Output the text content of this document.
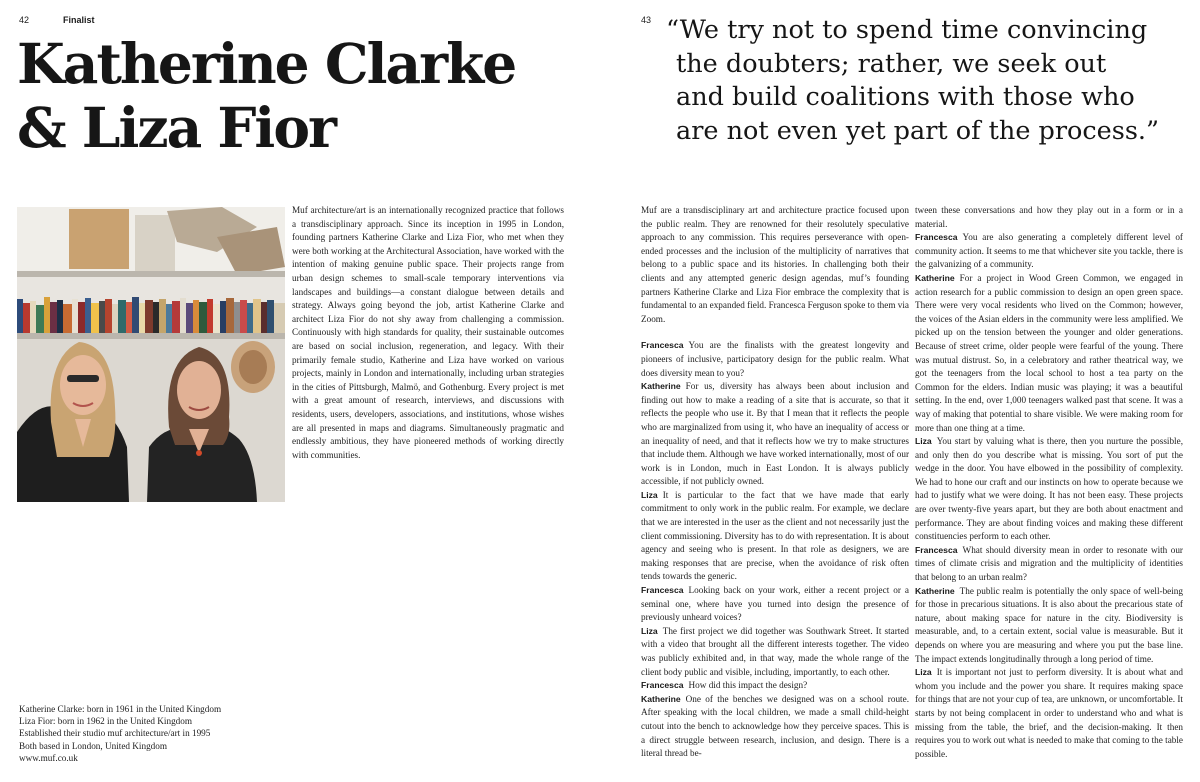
42	Finalist	43
Katherine Clarke
& Liza Fior
“We try not to spend time convincing
the doubters; rather, we seek out
and build coalitions with those who
are not even yet part of the process.”

Muf architecture/art is an internationally recognized practice that follows a transdisciplinary approach. Since its inception in 1995 in London, founding partners Katherine Clarke and Liza Fior, who met when they were both working at the Architectural Association, have worked with the intention of making genuine public space. Their projects range from urban design schemes to small-scale temporary interventions via landscapes and buildings—a constant dialogue between details and strategy. Always going beyond the job, artist Katherine Clarke and architect Liza Fior do not shy away from challenging a commission. Continuously with high standards for quality, their sustainable outcomes are based on social inclusion, regeneration, and legacy. With their primarily female studio, Katherine and Liza have worked on various projects, mainly in London and internationally, including urban strategies in the cities of Pittsburgh, Malmö, and Gothenburg. Every project is met with a great amount of research, interviews, and discussions with residents, users, developers, associations, and institutions, whose wishes are all presented in maps and diagrams. Simultaneously pragmatic and endlessly ambitious, they have pioneered methods of working directly with communities.

Katherine Clarke: born in 1961 in the United Kingdom
Liza Fior: born in 1962 in the United Kingdom
Established their studio muf architecture/art in 1995
Both based in London, United Kingdom
www.muf.co.uk

Muf are a transdisciplinary art and architecture practice focused upon the public realm. They are renowned for their resolutely speculative approach to any commission. This requires perseverance with open-ended processes and the inclusion of the multiplicity of narratives that belong to a public space and its histories. In challenging both their clients and any attempted generic design agendas, muf’s founding partners Katherine Clarke and Liza Fior embrace the complexity that is fundamental to an expanded field. Francesca Ferguson spoke to them via Zoom.

Francesca You are the finalists with the greatest longevity and pioneers of inclusive, participatory design for the public realm. What does diversity mean to you?

Katherine For us, diversity has always been about inclusion and finding out how to make a reading of a site that is accurate, so that it reflects the people who use it. By that I mean that it reflects the people who are marginalized from using it, who have an inequality of access or an inequality of need, and that it reflects how we try to make structures that include them. Although we have worked internationally, most of our work is in London, much in East London. It is always publicly accessible, if not publicly owned.

Liza It is particular to the fact that we have made that early commitment to only work in the public realm. For example, we declare that we are interested in the user as the client and not necessarily just the client commissioning. Diversity has to do with representation. It is about agency and seeing who is present. In that role as designers, we are making responses that are precise, when the avoidance of risk often tends towards the generic.

Francesca Looking back on your work, either a recent project or a seminal one, where have you turned into design the presence of previously unheard voices?

Liza The first project we did together was Southwark Street. It started with a video that brought all the different interests together. The video was publicly exhibited and, in that way, made the whole range of the client body public and visible, including, importantly, to each other.

Francesca How did this impact the design?

Katherine One of the benches we designed was on a school route. After speaking with the local children, we made a small child-height cutout into the bench to acknowledge how they perceive spaces. This is a direct struggle between research, inclusion, and design. There is a literal thread be-

tween these conversations and how they play out in a form or in a material.

Francesca You are also generating a completely different level of community action. It seems to me that whichever site you tackle, there is the galvanizing of a community.

Katherine For a project in Wood Green Common, we engaged in action research for a public commission to design an open green space. There were very vocal residents who lived on the Common; however, the voices of the Asian elders in the community were less amplified. We picked up on the tension between the younger and older generations. Because of street crime, older people were fearful of the young. There was mutual distrust. So, in a celebratory and rather theatrical way, we got the teenagers from the local school to host a tea party on the Common for the elders. Indian music was playing; it was a beautiful setting. In the end, over 1,000 teenagers walked past that scene. It was a way of making that potential to share visible. We were making room for more than one thing at a time.

Liza You start by valuing what is there, then you nurture the possible, and only then do you describe what is missing. You sort of put the wedge in the door. You have elbowed in the possibility of complexity. We had to hone our craft and our instincts on how to operate because we had to justify what we were doing. It has not been easy. These projects are over twenty-five years apart, but they are both about enactment and performance. They are about finding voices and making these different constituencies perform to each other.

Francesca What should diversity mean in order to resonate with our times of climate crisis and migration and the multiplicity of identities that belong to an urban realm?

Katherine The public realm is potentially the only space of well-being for those in precarious situations. It is also about the precarious state of nature, about making space for nature in the city. Biodiversity is measurable, and, to a certain extent, social value is measurable. But it depends on where you are measuring and where you put the base line. The impact extends longitudinally through a long period of time.

Liza It is important not just to perform diversity. It is about what and whom you include and the power you share. It requires making space for things that are not your cup of tea, are unknown, or uncomfortable. It starts by not being complacent in order to understand who and what is missing from the table, the brief, and the decision-making. It then requires you to work out what is needed to make that coming to the table possible.
